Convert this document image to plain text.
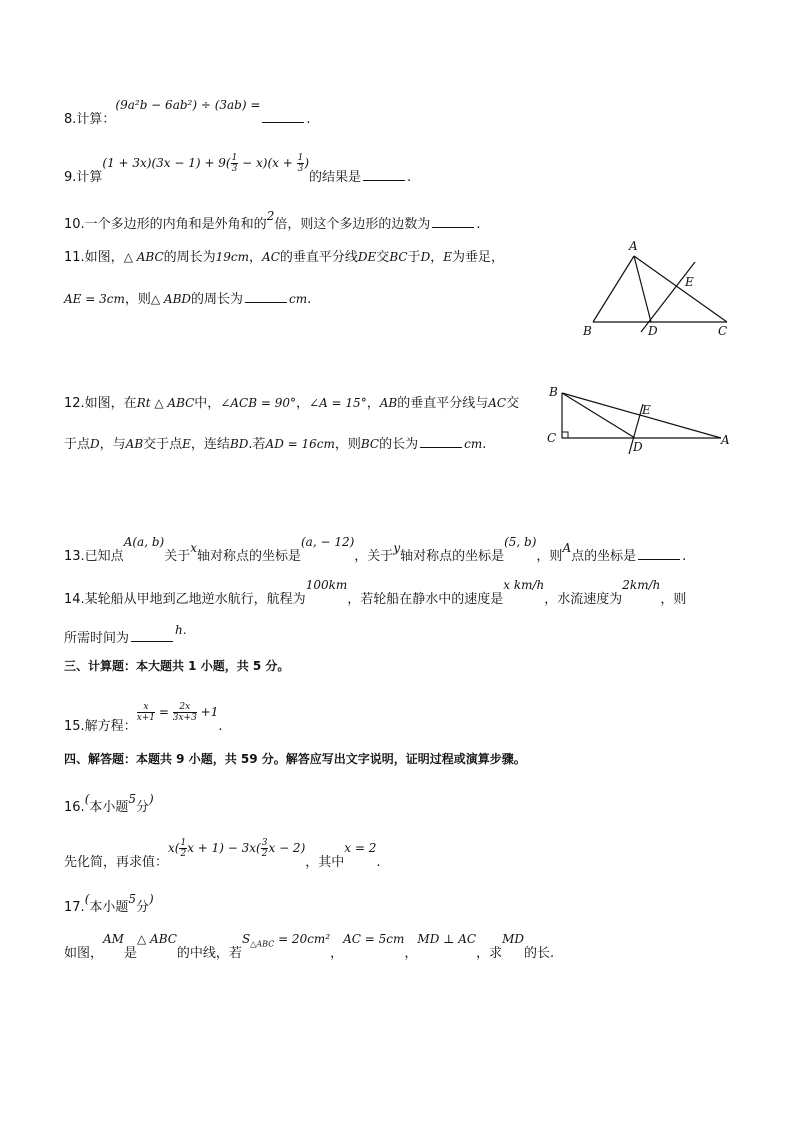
8.计算：(9a²b − 6ab²) ÷ (3ab) =.
9.计算$(1 + 3x)(3x - 1) + 9( \frac{1}{3} - x)(x + \frac{1}{3}$ )的结果是	.
10.一个多边形的内角和是外角和的2倍，则这个多边形的边数为	.
11.如图，△ ABC的周长为19cm，AC的垂直平分线DE交BC于D，E为垂足，
AE = 3cm，则△ ABD的周长为	cm.
A
B	C
D
E
12.如图，在Rt △ ABC中，∠ACB = 90°，∠A = 15°，AB的垂直平分线与AC交
于点D，与AB交于点E，连结BD.若AD = 16cm，则BC的长为	cm.
B
C	A
D
E
13.已知点A(a, b)关于x轴对称点的坐标是(a, − 12)，关于y轴对称点的坐标是(5, b)，则A点的坐标是	.
14.某轮船从甲地到乙地逆水航行，航程为100km，若轮船在静水中的速度是x km/h，水流速度为2km/h，则
所需时间为h.
三、计算题：本大题共 1 小题，共 5 分。
15.解方程：
$\frac{x}{x+1} = \frac{2x}{3x+3} +1$.
四、解答题：本题共 9 小题，共 59 分。解答应写出文字说明，证明过程或演算步骤。
16.(本小题5分)
先化简，再求值：$x( \frac{1}{2}$ $x + 1) - 3x( \frac{3}{2}$ x − 2)，其中x = 2.
17.(本小题5分)
如图，AM是△ ABC的中线，若$S_{\triangle ABC} = 20cm^2$，AC = 5cm，MD ⊥ AC，求MD的长.
